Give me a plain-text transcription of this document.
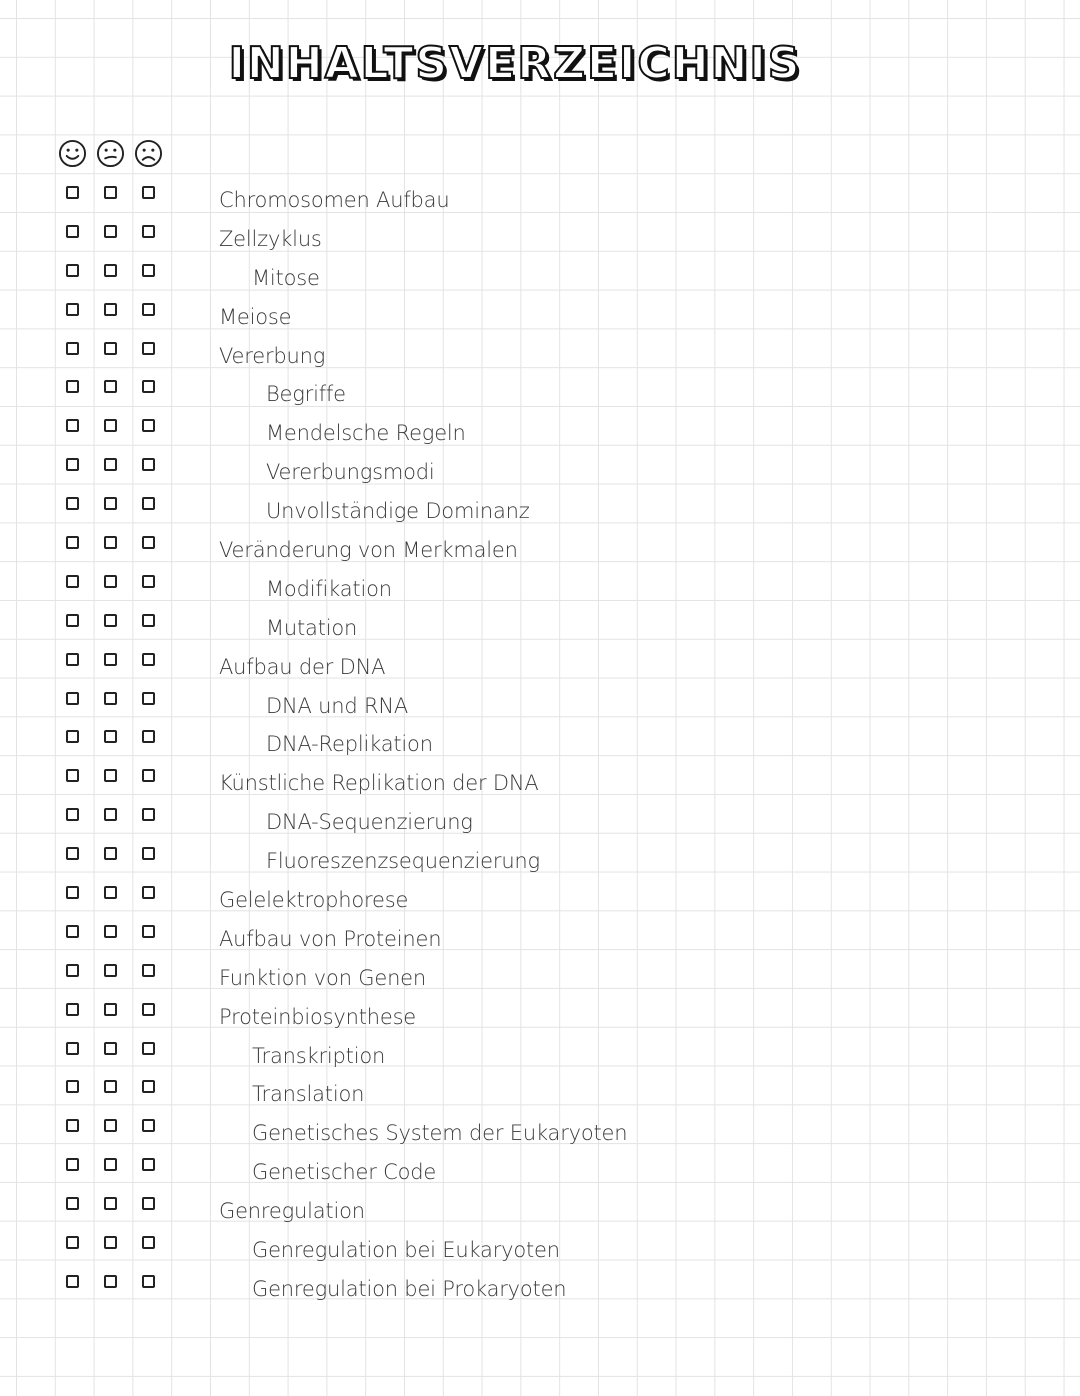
INHALTSVERZEICHNIS
Chromosomen Aufbau
Zellzyklus
Mitose
Meiose
Vererbung
Begriffe
Mendelsche Regeln
Vererbungsmodi
Unvollständige Dominanz
Veränderung von Merkmalen
Modifikation
Mutation
Aufbau der DNA
DNA und RNA
DNA-Replikation
Künstliche Replikation der DNA
DNA-Sequenzierung
Fluoreszenzsequenzierung
Gelelektrophorese
Aufbau von Proteinen
Funktion von Genen
Proteinbiosynthese
Transkription
Translation
Genetisches System der Eukaryoten
Genetischer Code
Genregulation
Genregulation bei Eukaryoten
Genregulation bei Prokaryoten
